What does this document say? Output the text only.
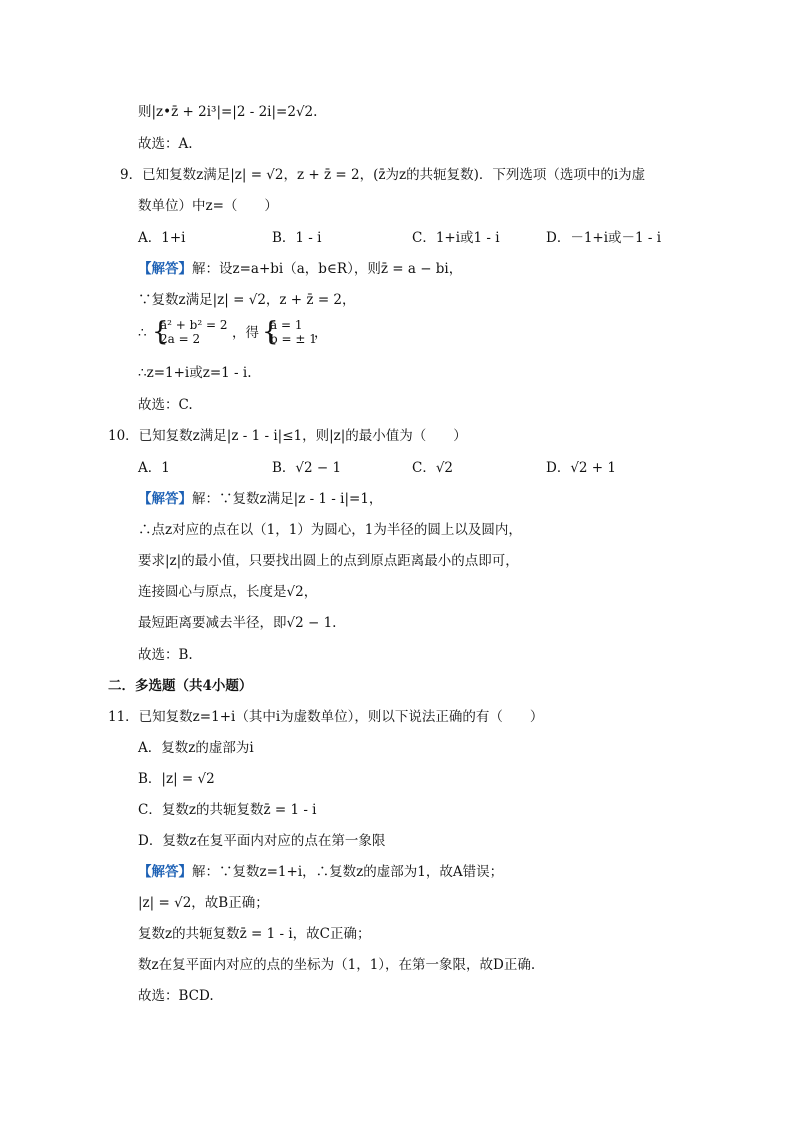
则|z•z̄ + 2i³|=|2 - 2i|=2√2.
故选：A.
9．已知复数z满足|z| = √2，z + z̄ = 2，(z̄为z的共轭复数)．下列选项（选项中的i为虚
数单位）中z=（　　）
A．1+i	B．1 - i	C．1+i或1 - i	D．－1+i或－1 - i
【解答】解：设z=a+bi（a，b∈R），则z̄ = a − bi，
∵复数z满足|z| = √2，z + z̄ = 2，
∴ {
a² + b² = 2
2a = 2 ，得 {
a = 1
b = ± 1
，
∴z=1+i或z=1 - i.
故选：C.
10．已知复数z满足|z - 1 - i|≤1，则|z|的最小值为（　　）
A．1	B．√2 − 1	C．√2	D．√2 + 1
【解答】解：∵复数z满足|z - 1 - i|=1，
∴点z对应的点在以（1，1）为圆心，1为半径的圆上以及圆内，
要求|z|的最小值，只要找出圆上的点到原点距离最小的点即可，
连接圆心与原点，长度是√2，
最短距离要减去半径，即√2 − 1.
故选：B.
二．多选题（共4小题）
11．已知复数z=1+i（其中i为虚数单位），则以下说法正确的有（　　）
A．复数z的虚部为i
B．|z| = √2
C．复数z的共轭复数z̄ = 1 - i
D．复数z在复平面内对应的点在第一象限
【解答】解：∵复数z=1+i，∴复数z的虚部为1，故A错误；
|z| = √2，故B正确；
复数z的共轭复数z̄ = 1 - i，故C正确；
数z在复平面内对应的点的坐标为（1，1），在第一象限，故D正确.
故选：BCD.
